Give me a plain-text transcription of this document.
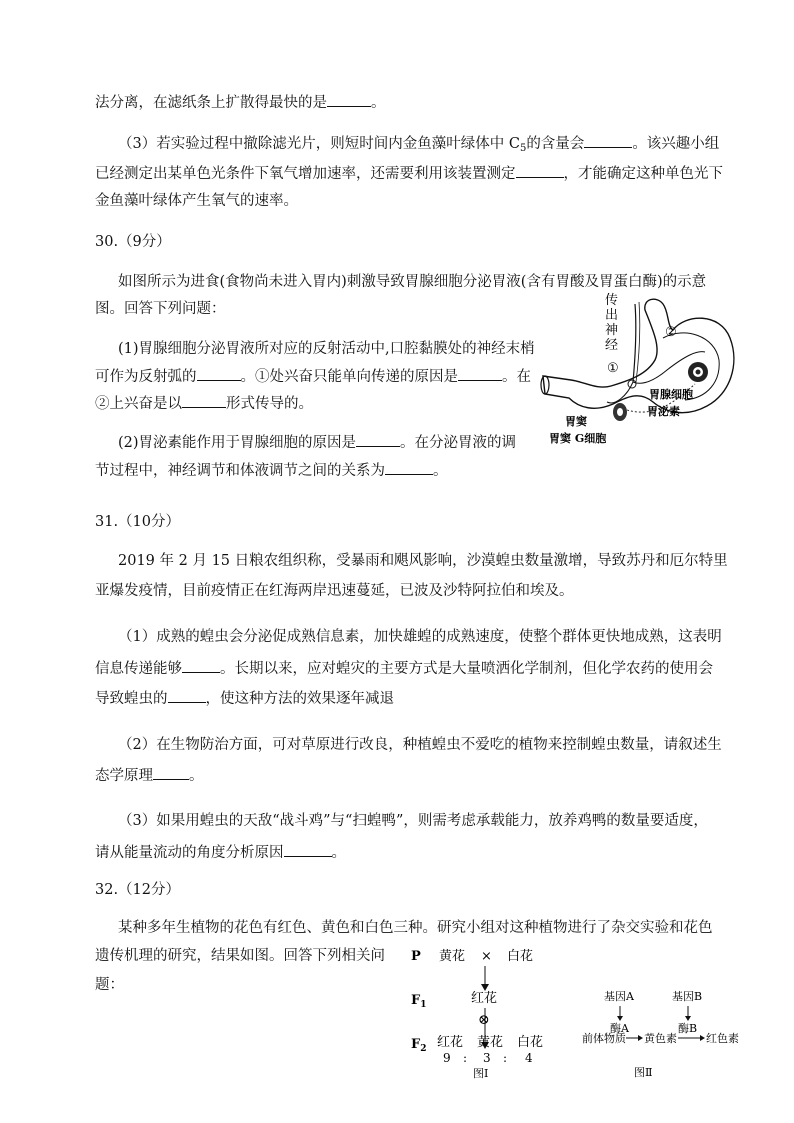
法分离，在滤纸条上扩散得最快的是	。
（3）若实验过程中撤除滤光片，则短时间内金鱼藻叶绿体中 $C_5$的含量会	。该兴趣小组
已经测定出某单色光条件下氧气增加速率，还需要利用该装置测定	，才能确定这种单色光下
金鱼藻叶绿体产生氧气的速率。
30.（9分）
如图所示为进食(食物尚未进入胃内)刺激导致胃腺细胞分泌胃液(含有胃酸及胃蛋白酶)的示意
图。回答下列问题：
(1)胃腺细胞分泌胃液所对应的反射活动中,口腔黏膜处的神经末梢
可作为反射弧的	。①处兴奋只能单向传递的原因是	。在
②上兴奋是以	形式传导的。
(2)胃泌素能作用于胃腺细胞的原因是	。在分泌胃液的调
节过程中，神经调节和体液调节之间的关系为	。
传
出
神
经
①
②
胃腺细胞
胃泌素
胃窦
胃窦 G细胞
31.（10分）
2019 年 2 月 15 日粮农组织称，受暴雨和飓风影响，沙漠蝗虫数量激增，导致苏丹和厄尔特里
亚爆发疫情，目前疫情正在红海两岸迅速蔓延，已波及沙特阿拉伯和埃及。
（1）成熟的蝗虫会分泌促成熟信息素，加快雄蝗的成熟速度，使整个群体更快地成熟，这表明
信息传递能够	。长期以来，应对蝗灾的主要方式是大量喷洒化学制剂，但化学农药的使用会
导致蝗虫的	，使这种方法的效果逐年减退
（2）在生物防治方面，可对草原进行改良，种植蝗虫不爱吃的植物来控制蝗虫数量，请叙述生
态学原理 。
（3）如果用蝗虫的天敌“战斗鸡”与“扫蝗鸭”，则需考虑承载能力，放养鸡鸭的数量要适度，
请从能量流动的角度分析原因	。
32.（12分）
某种多年生植物的花色有红色、黄色和白色三种。研究小组对这种植物进行了杂交实验和花色
遗传机理的研究，结果如图。回答下列相关问
题：
P 黄花 × 白花
$F_1$	红花
⊗
$F_2$ 红花 黄花 白花
9 : 3 : 4
图Ⅰ
基因A	基因B
酶A	酶B
前体物质 黄色素	红色素
图Ⅱ
